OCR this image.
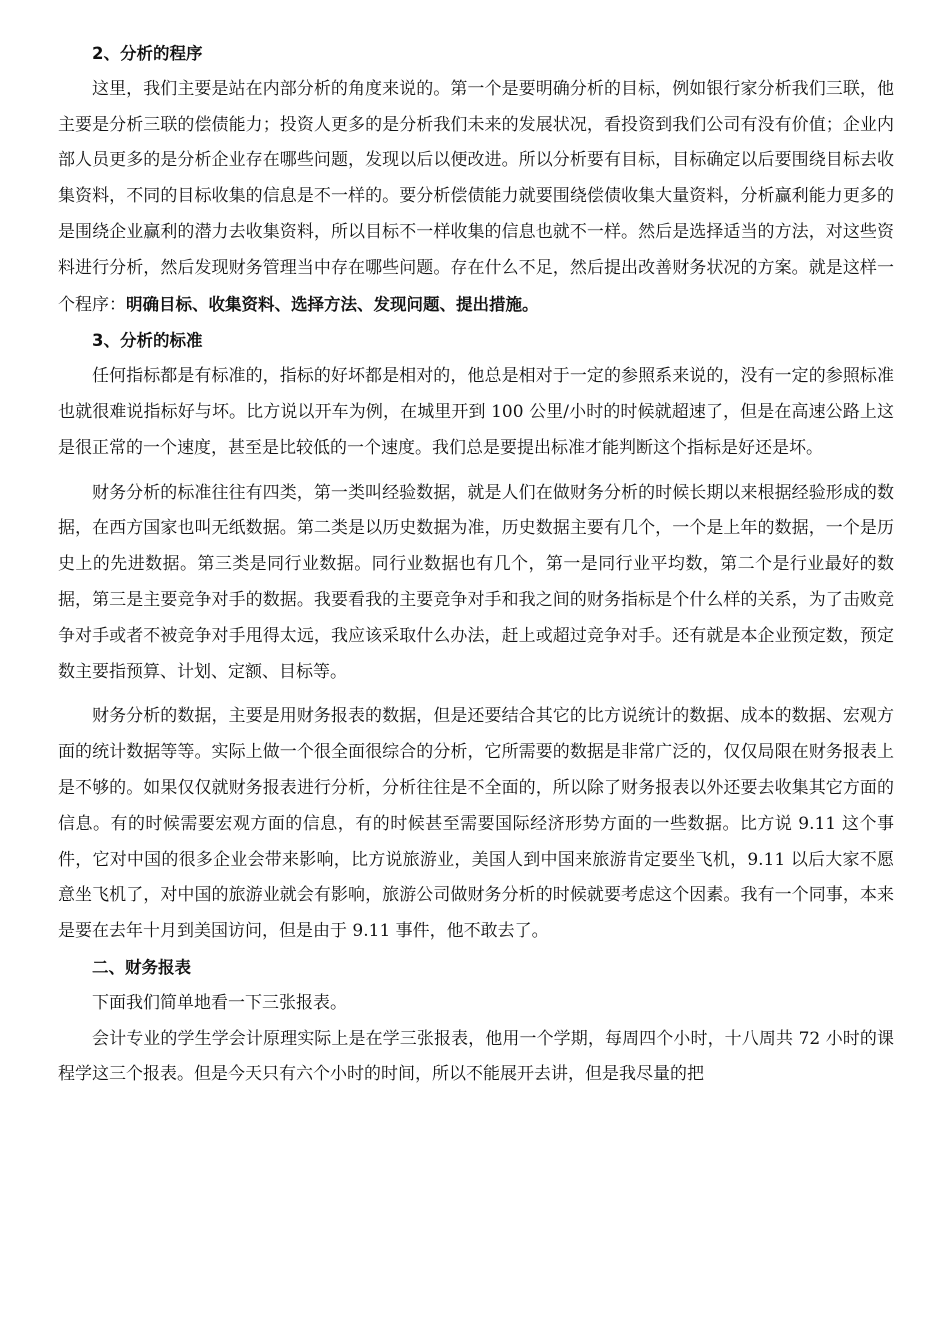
2、分析的程序

这里，我们主要是站在内部分析的角度来说的。第一个是要明确分析的目标，例如银行家分析我们三联，他主要是分析三联的偿债能力；投资人更多的是分析我们未来的发展状况，看投资到我们公司有没有价值；企业内部人员更多的是分析企业存在哪些问题，发现以后以便改进。所以分析要有目标，目标确定以后要围绕目标去收集资料，不同的目标收集的信息是不一样的。要分析偿债能力就要围绕偿债收集大量资料，分析赢利能力更多的是围绕企业赢利的潜力去收集资料，所以目标不一样收集的信息也就不一样。然后是选择适当的方法，对这些资料进行分析，然后发现财务管理当中存在哪些问题。存在什么不足，然后提出改善财务状况的方案。就是这样一个程序：明确目标、收集资料、选择方法、发现问题、提出措施。

3、分析的标准

任何指标都是有标准的，指标的好坏都是相对的，他总是相对于一定的参照系来说的，没有一定的参照标准也就很难说指标好与坏。比方说以开车为例，在城里开到 100 公里/小时的时候就超速了，但是在高速公路上这是很正常的一个速度，甚至是比较低的一个速度。我们总是要提出标准才能判断这个指标是好还是坏。

财务分析的标准往往有四类，第一类叫经验数据，就是人们在做财务分析的时候长期以来根据经验形成的数据，在西方国家也叫无纸数据。第二类是以历史数据为准，历史数据主要有几个，一个是上年的数据，一个是历史上的先进数据。第三类是同行业数据。同行业数据也有几个，第一是同行业平均数，第二个是行业最好的数据，第三是主要竞争对手的数据。我要看我的主要竞争对手和我之间的财务指标是个什么样的关系，为了击败竞争对手或者不被竞争对手甩得太远，我应该采取什么办法，赶上或超过竞争对手。还有就是本企业预定数，预定数主要指预算、计划、定额、目标等。

财务分析的数据，主要是用财务报表的数据，但是还要结合其它的比方说统计的数据、成本的数据、宏观方面的统计数据等等。实际上做一个很全面很综合的分析，它所需要的数据是非常广泛的，仅仅局限在财务报表上是不够的。如果仅仅就财务报表进行分析，分析往往是不全面的，所以除了财务报表以外还要去收集其它方面的信息。有的时候需要宏观方面的信息，有的时候甚至需要国际经济形势方面的一些数据。比方说 9.11 这个事件，它对中国的很多企业会带来影响，比方说旅游业，美国人到中国来旅游肯定要坐飞机，9.11 以后大家不愿意坐飞机了，对中国的旅游业就会有影响，旅游公司做财务分析的时候就要考虑这个因素。我有一个同事，本来是要在去年十月到美国访问，但是由于 9.11 事件，他不敢去了。

二、财务报表

下面我们简单地看一下三张报表。

会计专业的学生学会计原理实际上是在学三张报表，他用一个学期，每周四个小时，十八周共 72 小时的课程学这三个报表。但是今天只有六个小时的时间，所以不能展开去讲，但是我尽量的把
